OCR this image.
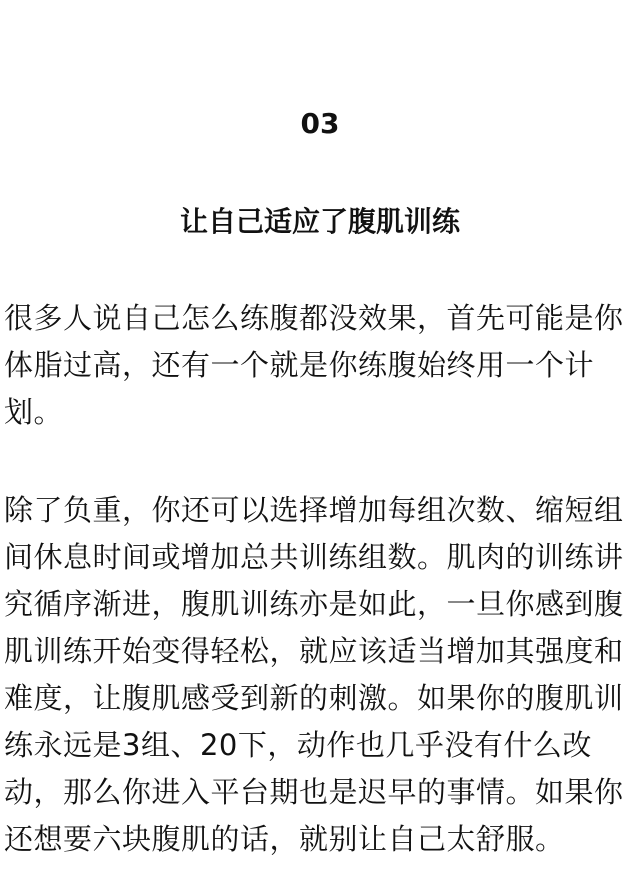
03
让自己适应了腹肌训练

很多人说自己怎么练腹都没效果，首先可能是你
体脂过高，还有一个就是你练腹始终用一个计
划。

除了负重，你还可以选择增加每组次数、缩短组
间休息时间或增加总共训练组数。肌肉的训练讲
究循序渐进，腹肌训练亦是如此，一旦你感到腹
肌训练开始变得轻松，就应该适当增加其强度和
难度，让腹肌感受到新的刺激。如果你的腹肌训
练永远是3组、20下，动作也几乎没有什么改
动，那么你进入平台期也是迟早的事情。如果你
还想要六块腹肌的话，就别让自己太舒服。
